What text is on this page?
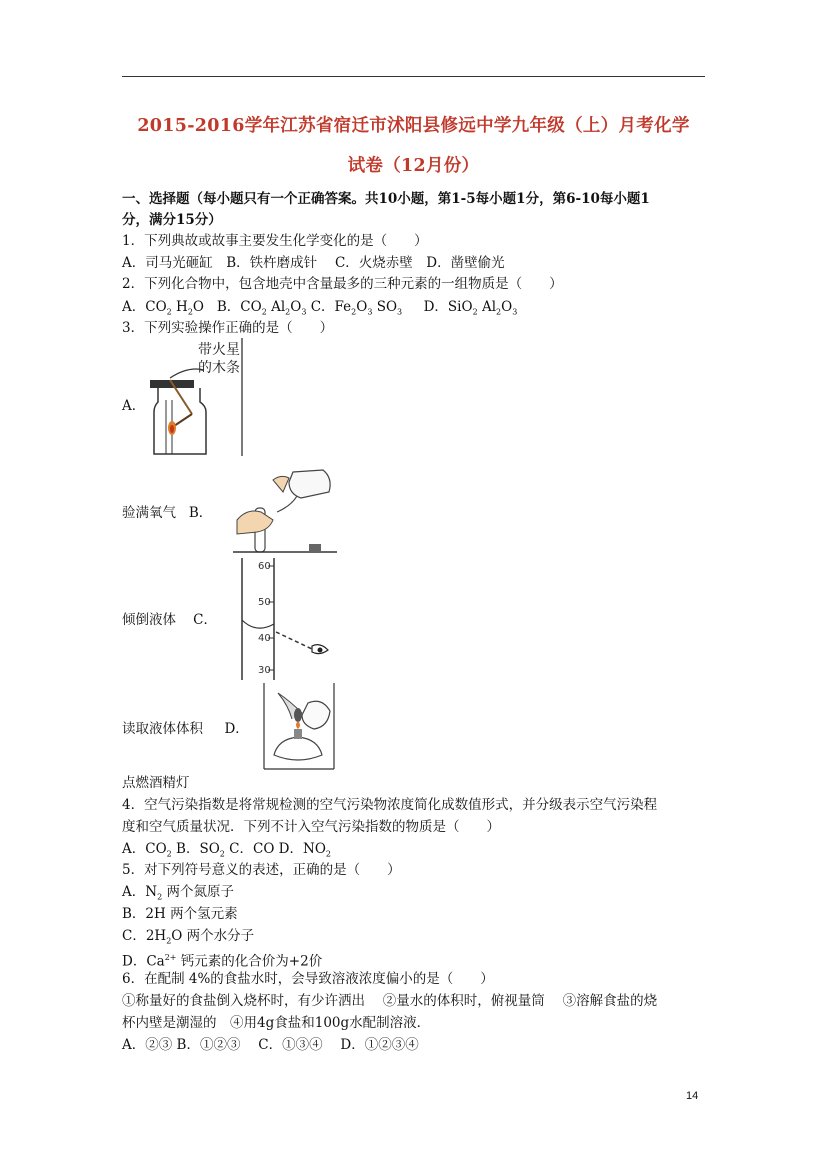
2015-2016学年江苏省宿迁市沭阳县修远中学九年级（上）月考化学
试卷（12月份）
一、选择题（每小题只有一个正确答案。共10小题，第1-5每小题1分，第6-10每小题1
分，满分15分）
1．下列典故或故事主要发生化学变化的是（　　）
A．司马光砸缸　B．铁杵磨成针　 C．火烧赤壁　D．凿壁偷光
2．下列化合物中，包含地壳中含量最多的三种元素的一组物质是（　　）
A．$CO_2$ $H_2O$ B．$CO_2$ $Al_2O_3$ C．$Fe_2O_3$ $SO_3$ D．SiO$_2$ $Al_2O_3$
3．下列实验操作正确的是（　　）
带火星
的木条
A．
验满氧气 B．
60
50
40
30
倾倒液体 C．
读取液体体积 D．
点燃酒精灯
4．空气污染指数是将常规检测的空气污染物浓度简化成数值形式，并分级表示空气污染程
度和空气质量状况．下列不计入空气污染指数的物质是（　　）
A．$CO_2$ B．$SO_2$ C．CO D．$NO_2$
5．对下列符号意义的表述，正确的是（　　）
A．$N_2$ 两个氮原子
B．2H 两个氢元素
C．$2H_2O$ 两个水分子
D．$Ca^{2+}$ 钙元素的化合价为+2价
6．在配制 4%的食盐水时，会导致溶液浓度偏小的是（　　）
①称量好的食盐倒入烧杯时，有少许洒出　 ②量水的体积时，俯视量筒　 ③溶解食盐的烧
杯内壁是潮湿的　④用4g食盐和100g水配制溶液．
A．②③ B．①②③　 C．①③④　 D．①②③④
14
